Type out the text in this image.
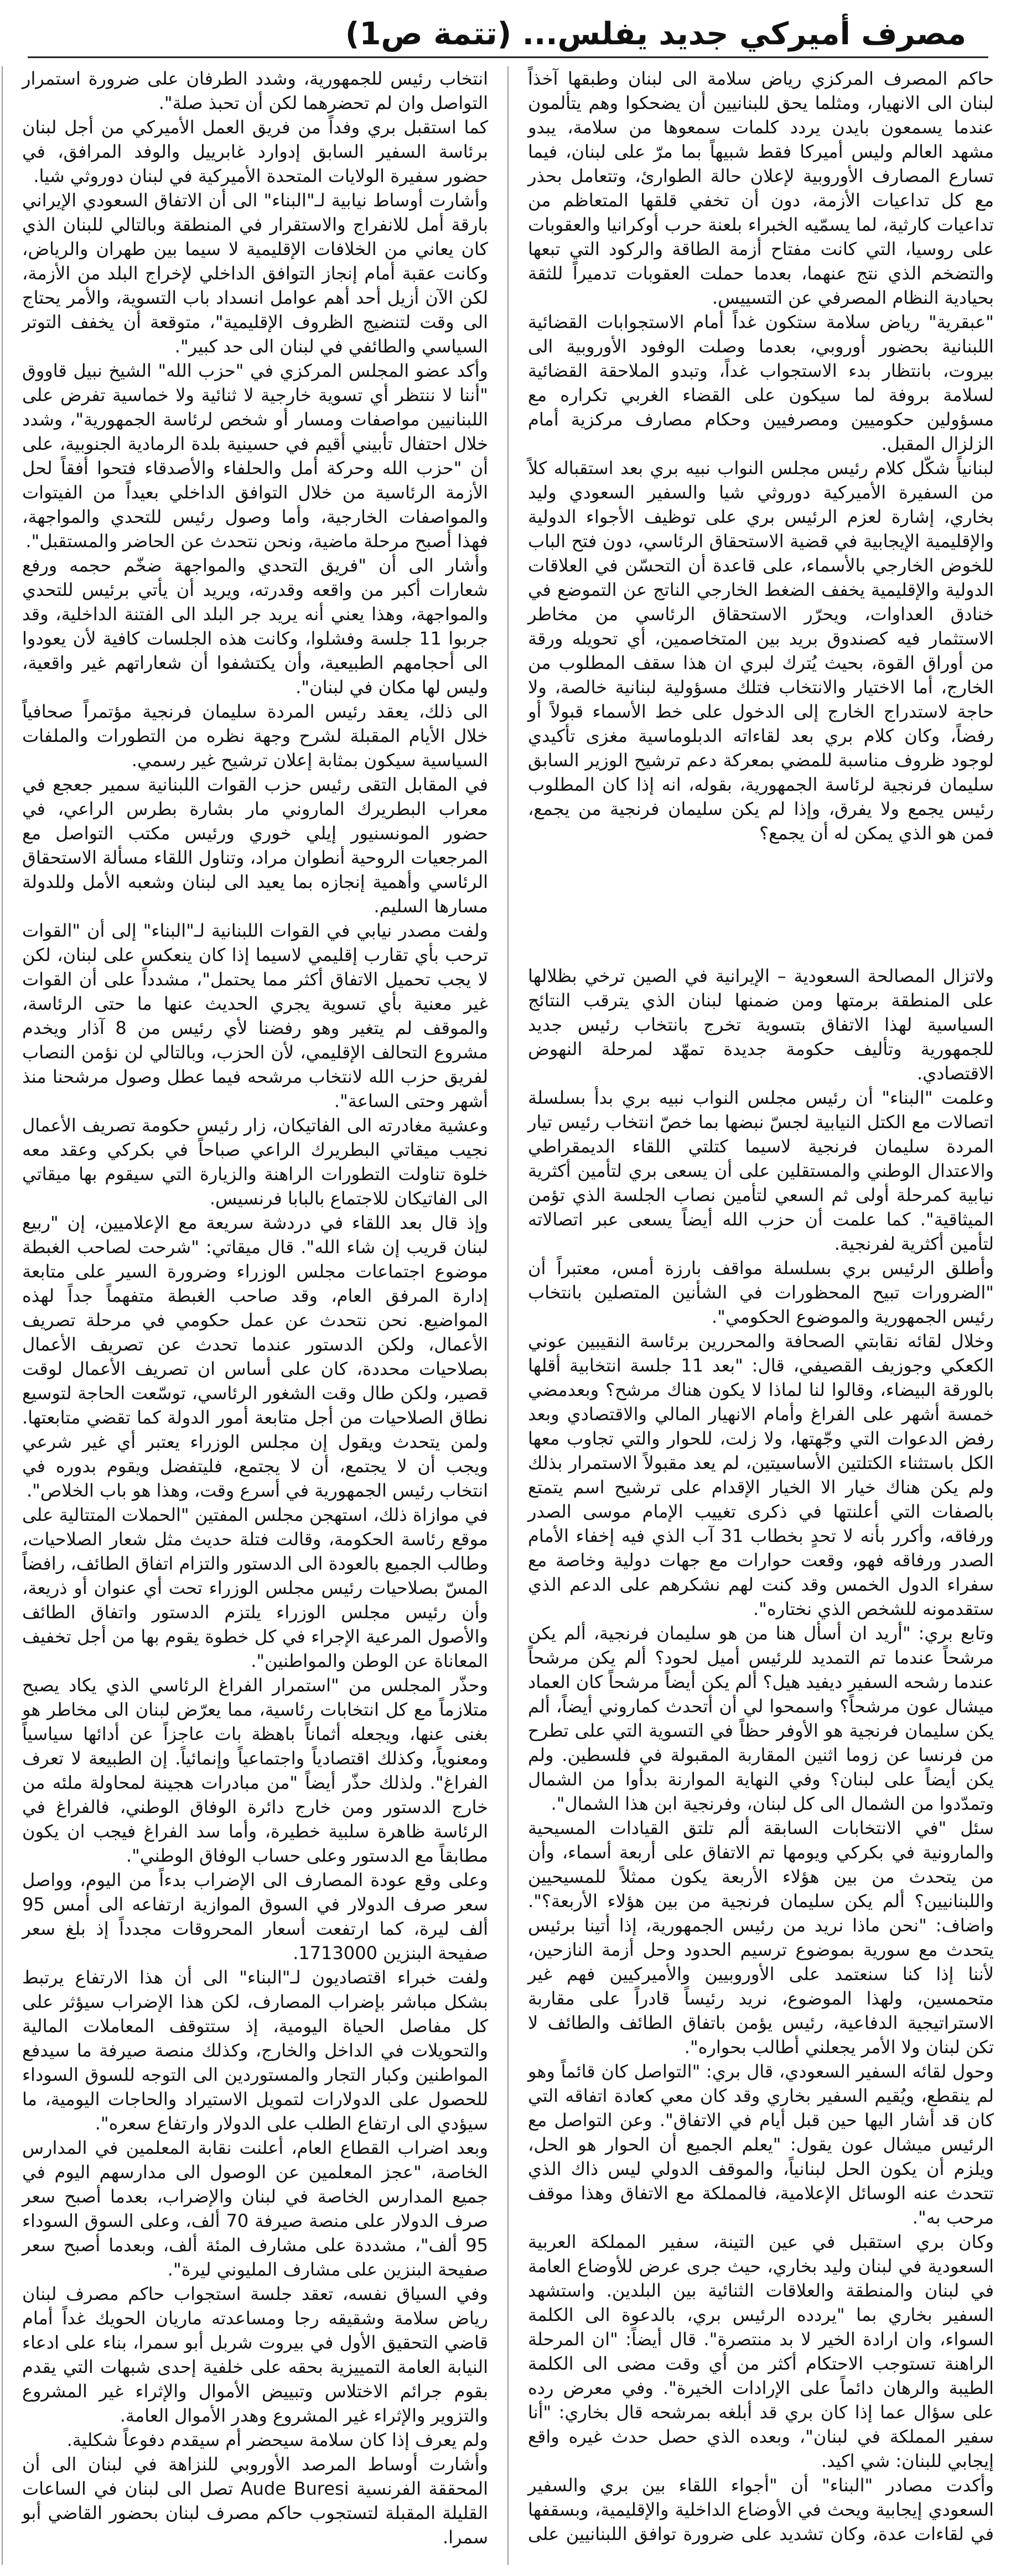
مصرف أميركي جديد يفلس... (تتمة ص1)

حاكم المصرف المركزي رياض سلامة الى لبنان وطبقها آخذاً لبنان الى الانهيار، ومثلما يحق للبنانيين أن يضحكوا وهم يتألمون عندما يسمعون بايدن يردد كلمات سمعوها من سلامة، يبدو مشهد العالم وليس أميركا فقط شبيهاً بما مرّ على لبنان، فيما تسارع المصارف الأوروبية لإعلان حالة الطوارئ، وتتعامل بحذر مع كل تداعيات الأزمة، دون أن تخفي قلقها المتعاظم من تداعيات كارثية، لما يسمّيه الخبراء بلعنة حرب أوكرانيا والعقوبات على روسيا، التي كانت مفتاح أزمة الطاقة والركود التي تبعها والتضخم الذي نتج عنهما، بعدما حملت العقوبات تدميراً للثقة بحيادية النظام المصرفي عن التسييس.

"عبقرية" رياض سلامة ستكون غداً أمام الاستجوابات القضائية اللبنانية بحضور أوروبي، بعدما وصلت الوفود الأوروبية الى بيروت، بانتظار بدء الاستجواب غداً، وتبدو الملاحقة القضائية لسلامة بروفة لما سيكون على القضاء الغربي تكراره مع مسؤولين حكوميين ومصرفيين وحكام مصارف مركزية أمام الزلزال المقبل.

لبنانياً شكّل كلام رئيس مجلس النواب نبيه بري بعد استقباله كلاً من السفيرة الأميركية دوروثي شيا والسفير السعودي وليد بخاري، إشارة لعزم الرئيس بري على توظيف الأجواء الدولية والإقليمية الإيجابية في قضية الاستحقاق الرئاسي، دون فتح الباب للخوض الخارجي بالأسماء، على قاعدة أن التحسّن في العلاقات الدولية والإقليمية يخفف الضغط الخارجي الناتج عن التموضع في خنادق العداوات، ويحرّر الاستحقاق الرئاسي من مخاطر الاستثمار فيه كصندوق بريد بين المتخاصمين، أي تحويله ورقة من أوراق القوة، بحيث يُترك لبري ان هذا سقف المطلوب من الخارج، أما الاختيار والانتخاب فتلك مسؤولية لبنانية خالصة، ولا حاجة لاستدراج الخارج إلى الدخول على خط الأسماء قبولاً أو رفضاً، وكان كلام بري بعد لقاءاته الدبلوماسية مغزى تأكيدي لوجود ظروف مناسبة للمضي بمعركة دعم ترشيح الوزير السابق سليمان فرنجية لرئاسة الجمهورية، بقوله، انه إذا كان المطلوب رئيس يجمع ولا يفرق، وإذا لم يكن سليمان فرنجية من يجمع، فمن هو الذي يمكن له أن يجمع؟

ولاتزال المصالحة السعودية – الإيرانية في الصين ترخي بظلالها على المنطقة برمتها ومن ضمنها لبنان الذي يترقب النتائج السياسية لهذا الاتفاق بتسوية تخرج بانتخاب رئيس جديد للجمهورية وتأليف حكومة جديدة تمهّد لمرحلة النهوض الاقتصادي.

وعلمت "البناء" أن رئيس مجلس النواب نبيه بري بدأ بسلسلة اتصالات مع الكتل النيابية لجسّ نبضها بما خصّ انتخاب رئيس تيار المردة سليمان فرنجية لاسيما كتلتي اللقاء الديمقراطي والاعتدال الوطني والمستقلين على أن يسعى بري لتأمين أكثرية نيابية كمرحلة أولى ثم السعي لتأمين نصاب الجلسة الذي تؤمن الميثاقية". كما علمت أن حزب الله أيضاً يسعى عبر اتصالاته لتأمين أكثرية لفرنجية.

وأطلق الرئيس بري بسلسلة مواقف بارزة أمس، معتبراً أن "الضرورات تبيح المحظورات في الشأنين المتصلين بانتخاب رئيس الجمهورية والموضوع الحكومي".

وخلال لقائه نقابتي الصحافة والمحررين برئاسة النقيبين عوني الكعكي وجوزيف القصيفي، قال: "بعد 11 جلسة انتخابية أقلها بالورقة البيضاء، وقالوا لنا لماذا لا يكون هناك مرشح؟ وبعدمضي خمسة أشهر على الفراغ وأمام الانهيار المالي والاقتصادي وبعد رفض الدعوات التي وجّهتها، ولا زلت، للحوار والتي تجاوب معها الكل باستثناء الكتلتين الأساسيتين، لم يعد مقبولاً الاستمرار بذلك ولم يكن هناك خيار الا الخيار الإقدام على ترشيح اسم يتمتع بالصفات التي أعلنتها في ذكرى تغييب الإمام موسى الصدر ورفاقه، وأكرر بأنه لا تحدٍ بخطاب 31 آب الذي فيه إخفاء الأمام الصدر ورفاقه فهو، وقعت حوارات مع جهات دولية وخاصة مع سفراء الدول الخمس وقد كنت لهم نشكرهم على الدعم الذي ستقدمونه للشخص الذي نختاره".

وتابع بري: "أريد ان أسأل هنا من هو سليمان فرنجية، ألم يكن مرشحاً عندما تم التمديد للرئيس أميل لحود؟ ألم يكن مرشحاً عندما رشحه السفير ديفيد هيل؟ ألم يكن أيضاً مرشحاً كان العماد ميشال عون مرشحاً؟ واسمحوا لي أن أتحدث كماروني أيضاً، ألم يكن سليمان فرنجية هو الأوفر حظاً في التسوية التي على تطرح من فرنسا عن زوما اثنين المقاربة المقبولة في فلسطين. ولم يكن أيضاً على لبنان؟ وفي النهاية الموارنة بدأوا من الشمال وتمدّدوا من الشمال الى كل لبنان، وفرنجية ابن هذا الشمال".

سئل "في الانتخابات السابقة ألم تلتق القيادات المسيحية والمارونية في بكركي ويومها تم الاتفاق على أربعة أسماء، وأن من يتحدث من بين هؤلاء الأربعة يكون ممثلاً للمسيحيين واللبنانيين؟ ألم يكن سليمان فرنجية من بين هؤلاء الأربعة؟". واضاف: "نحن ماذا نريد من رئيس الجمهورية، إذا أتينا برئيس يتحدث مع سورية بموضوع ترسيم الحدود وحل أزمة النازحين، لأننا إذا كنا سنعتمد على الأوروبيين والأميركيين فهم غير متحمسين، ولهذا الموضوع، نريد رئيساً قادراً على مقاربة الاستراتيجية الدفاعية، رئيس يؤمن باتفاق الطائف والطائف لا تكن لبنان ولا الأمر يجعلني أطالب بحواره".

وحول لقائه السفير السعودي، قال بري: "التواصل كان قائماً وهو لم ينقطع، ويُقيم السفير بخاري وقد كان معي كعادة اتفاقه التي كان قد أشار اليها حين قبل أيام في الاتفاق". وعن التواصل مع الرئيس ميشال عون يقول: "يعلم الجميع أن الحوار هو الحل، ويلزم أن يكون الحل لبنانياً، والموقف الدولي ليس ذاك الذي تتحدث عنه الوسائل الإعلامية، فالمملكة مع الاتفاق وهذا موقف مرحب به".

وكان بري استقبل في عين التينة، سفير المملكة العربية السعودية في لبنان وليد بخاري، حيث جرى عرض للأوضاع العامة في لبنان والمنطقة والعلاقات الثنائية بين البلدين. واستشهد السفير بخاري بما "يردده الرئيس بري، بالدعوة الى الكلمة السواء، وان ارادة الخير لا بد منتصرة". قال أيضاً: "ان المرحلة الراهنة تستوجب الاحتكام أكثر من أي وقت مضى الى الكلمة الطيبة والرهان دائماً على الإرادات الخيرة". وفي معرض رده على سؤال عما إذا كان بري قد أبلغه بمرشحه قال بخاري: "أنا سفير المملكة في لبنان"، وبعده الذي حصل حدث غيره واقع إيجابي للبنان: شي اكيد.

وأكدت مصادر "البناء" أن "أجواء اللقاء بين بري والسفير السعودي إيجابية ويحث في الأوضاع الداخلية والإقليمية، وبسقفها في لقاءات عدة، وكان تشديد على ضرورة توافق اللبنانيين على انتخاب رئيس للجمهورية، وشدد الطرفان على ضرورة استمرار التواصل وان لم تحضرهما لكن أن تحبذ صلة".

كما استقبل بري وفداً من فريق العمل الأميركي من أجل لبنان برئاسة السفير السابق إدوارد غابرييل والوفد المرافق، في حضور سفيرة الولايات المتحدة الأميركية في لبنان دوروثي شيا.

وأشارت أوساط نيابية لـ"البناء" الى أن الاتفاق السعودي الإيراني بارقة أمل للانفراج والاستقرار في المنطقة وبالتالي للبنان الذي كان يعاني من الخلافات الإقليمية لا سيما بين طهران والرياض، وكانت عقبة أمام إنجاز التوافق الداخلي لإخراج البلد من الأزمة، لكن الآن أزيل أحد أهم عوامل انسداد باب التسوية، والأمر يحتاج الى وقت لتنضيج الظروف الإقليمية"، متوقعة أن يخفف التوتر السياسي والطائفي في لبنان الى حد كبير".

وأكد عضو المجلس المركزي في "حزب الله" الشيخ نبيل قاووق "أننا لا ننتظر أي تسوية خارجية لا ثنائية ولا خماسية تفرض على اللبنانيين مواصفات ومسار أو شخص لرئاسة الجمهورية"، وشدد خلال احتفال تأبيني أقيم في حسينية بلدة الرمادية الجنوبية، على أن "حزب الله وحركة أمل والحلفاء والأصدقاء فتحوا أفقاً لحل الأزمة الرئاسية من خلال التوافق الداخلي بعيداً من الفيتوات والمواصفات الخارجية، وأما وصول رئيس للتحدي والمواجهة، فهذا أصبح مرحلة ماضية، ونحن نتحدث عن الحاضر والمستقبل".

وأشار الى أن "فريق التحدي والمواجهة ضخّم حجمه ورفع شعارات أكبر من واقعه وقدرته، ويريد أن يأتي برئيس للتحدي والمواجهة، وهذا يعني أنه يريد جر البلد الى الفتنة الداخلية، وقد جربوا 11 جلسة وفشلوا، وكانت هذه الجلسات كافية لأن يعودوا الى أحجامهم الطبيعية، وأن يكتشفوا أن شعاراتهم غير واقعية، وليس لها مكان في لبنان".

الى ذلك، يعقد رئيس المردة سليمان فرنجية مؤتمراً صحافياً خلال الأيام المقبلة لشرح وجهة نظره من التطورات والملفات السياسية سيكون بمثابة إعلان ترشيح غير رسمي.

في المقابل التقى رئيس حزب القوات اللبنانية سمير جعجع في معراب البطريرك الماروني مار بشارة بطرس الراعي، في حضور المونسنيور إيلي خوري ورئيس مكتب التواصل مع المرجعيات الروحية أنطوان مراد، وتناول اللقاء مسألة الاستحقاق الرئاسي وأهمية إنجازه بما يعيد الى لبنان وشعبه الأمل وللدولة مسارها السليم.

ولفت مصدر نيابي في القوات اللبنانية لـ"البناء" إلى أن "القوات ترحب بأي تقارب إقليمي لاسيما إذا كان ينعكس على لبنان، لكن لا يجب تحميل الاتفاق أكثر مما يحتمل"، مشدداً على أن القوات غير معنية بأي تسوية يجري الحديث عنها ما حتى الرئاسة، والموقف لم يتغير وهو رفضنا لأي رئيس من 8 آذار ويخدم مشروع التحالف الإقليمي، لأن الحزب، وبالتالي لن نؤمن النصاب لفريق حزب الله لانتخاب مرشحه فيما عطل وصول مرشحنا منذ أشهر وحتى الساعة".

وعشية مغادرته الى الفاتيكان، زار رئيس حكومة تصريف الأعمال نجيب ميقاتي البطريرك الراعي صباحاً في بكركي وعقد معه خلوة تناولت التطورات الراهنة والزيارة التي سيقوم بها ميقاتي الى الفاتيكان للاجتماع بالبابا فرنسيس.

وإذ قال بعد اللقاء في دردشة سريعة مع الإعلاميين، إن "ربيع لبنان قريب إن شاء الله". قال ميقاتي: "شرحت لصاحب الغبطة موضوع اجتماعات مجلس الوزراء وضرورة السير على متابعة إدارة المرفق العام، وقد صاحب الغبطة متفهماً جداً لهذه المواضيع. نحن نتحدث عن عمل حكومي في مرحلة تصريف الأعمال، ولكن الدستور عندما تحدث عن تصريف الأعمال بصلاحيات محددة، كان على أساس ان تصريف الأعمال لوقت قصير، ولكن طال وقت الشغور الرئاسي، توسّعت الحاجة لتوسيع نطاق الصلاحيات من أجل متابعة أمور الدولة كما تقضي متابعتها. ولمن يتحدث ويقول إن مجلس الوزراء يعتبر أي غير شرعي ويجب أن لا يجتمع، أن لا يجتمع، فليتفضل ويقوم بدوره في انتخاب رئيس الجمهورية في أسرع وقت، وهذا هو باب الخلاص".

في موازاة ذلك، استهجن مجلس المفتين "الحملات المتتالية على موقع رئاسة الحكومة، وقالت فتلة حديث مثل شعار الصلاحيات، وطالب الجميع بالعودة الى الدستور والتزام اتفاق الطائف، رافضاً المسّ بصلاحيات رئيس مجلس الوزراء تحت أي عنوان أو ذريعة، وأن رئيس مجلس الوزراء يلتزم الدستور واتفاق الطائف والأصول المرعية الإجراء في كل خطوة يقوم بها من أجل تخفيف المعاناة عن الوطن والمواطنين".

وحذّر المجلس من "استمرار الفراغ الرئاسي الذي يكاد يصبح متلازماً مع كل انتخابات رئاسية، مما يعرّض لبنان الى مخاطر هو بغنى عنها، ويجعله أثماناً باهظة بات عاجزاً عن أدائها سياسياً ومعنوياً، وكذلك اقتصادياً واجتماعياً وإنمائياً. إن الطبيعة لا تعرف الفراغ". ولذلك حذّر أيضاً "من مبادرات هجينة لمحاولة ملئه من خارج الدستور ومن خارج دائرة الوفاق الوطني، فالفراغ في الرئاسة ظاهرة سلبية خطيرة، وأما سد الفراغ فيجب ان يكون مطابقاً مع الدستور وعلى حساب الوفاق الوطني".

وعلى وقع عودة المصارف الى الإضراب بدءاً من اليوم، وواصل سعر صرف الدولار في السوق الموازية ارتفاعه الى أمس 95 ألف ليرة، كما ارتفعت أسعار المحروقات مجدداً إذ بلغ سعر صفيحة البنزين 1713000.

ولفت خبراء اقتصاديون لـ"البناء" الى أن هذا الارتفاع يرتبط بشكل مباشر بإضراب المصارف، لكن هذا الإضراب سيؤثر على كل مفاصل الحياة اليومية، إذ ستتوقف المعاملات المالية والتحويلات في الداخل والخارج، وكذلك منصة صيرفة ما سيدفع المواطنين وكبار التجار والمستوردين الى التوجه للسوق السوداء للحصول على الدولارات لتمويل الاستيراد والحاجات اليومية، ما سيؤدي الى ارتفاع الطلب على الدولار وارتفاع سعره".

وبعد اضراب القطاع العام، أعلنت نقابة المعلمين في المدارس الخاصة، "عجز المعلمين عن الوصول الى مدارسهم اليوم في جميع المدارس الخاصة في لبنان والإضراب، بعدما أصبح سعر صرف الدولار على منصة صيرفة 70 ألف، وعلى السوق السوداء 95 ألف"، مشددة على مشارف المئة ألف، وبعدما أصبح سعر صفيحة البنزين على مشارف المليوني ليرة".

وفي السياق نفسه، تعقد جلسة استجواب حاكم مصرف لبنان رياض سلامة وشقيقه رجا ومساعدته ماريان الحويك غداً أمام قاضي التحقيق الأول في بيروت شربل أبو سمرا، بناء على ادعاء النيابة العامة التمييزية بحقه على خلفية إحدى شبهات التي يقدم بقوم جرائم الاختلاس وتبييض الأموال والإثراء غير المشروع والتزوير والإثراء غير المشروع وهدر الأموال العامة.

ولم يعرف إذا كان سلامة سيحضر أم سيقدم دفوعاً شكلية.

وأشارت أوساط المرصد الأوروبي للنزاهة في لبنان الى أن المحققة الفرنسية Aude Buresi تصل الى لبنان في الساعات القليلة المقبلة لتستجوب حاكم مصرف لبنان بحضور القاضي أبو سمرا.
